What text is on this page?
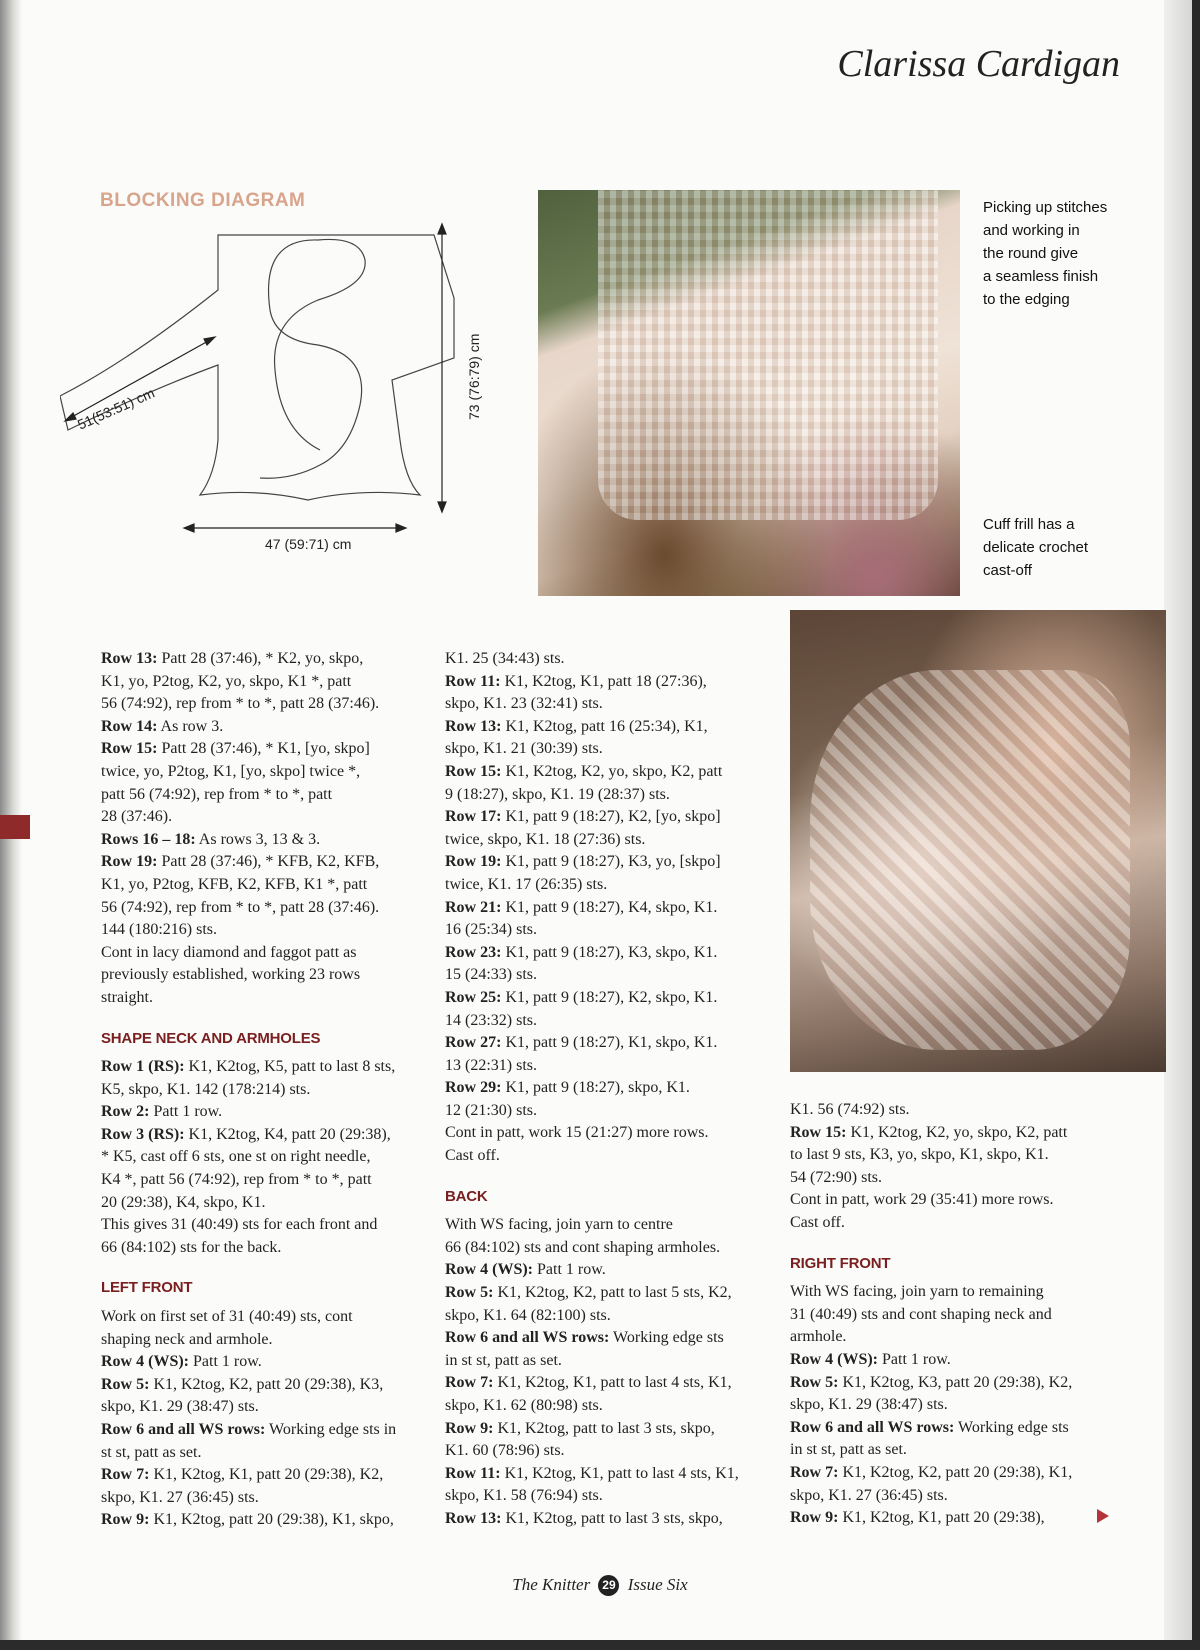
Clarissa Cardigan
BLOCKING DIAGRAM
51(53:51) cm	73 (76:79) cm
47 (59:71) cm
Picking up stitches
and working in
the round give
a seamless finish
to the edging
Cuff frill has a
delicate crochet
cast-off

Row 13: Patt 28 (37:46), * K2, yo, skpo,

K1, yo, P2tog, K2, yo, skpo, K1 *, patt

56 (74:92), rep from * to *, patt 28 (37:46).

Row 14: As row 3.

Row 15: Patt 28 (37:46), * K1, [yo, skpo]

twice, yo, P2tog, K1, [yo, skpo] twice *,

patt 56 (74:92), rep from * to *, patt

28 (37:46).

Rows 16 – 18: As rows 3, 13 & 3.

Row 19: Patt 28 (37:46), * KFB, K2, KFB,

K1, yo, P2tog, KFB, K2, KFB, K1 *, patt

56 (74:92), rep from * to *, patt 28 (37:46).

144 (180:216) sts.

Cont in lacy diamond and faggot patt as

previously established, working 23 rows

straight.

SHAPE NECK AND ARMHOLES

Row 1 (RS): K1, K2tog, K5, patt to last 8 sts,

K5, skpo, K1. 142 (178:214) sts.

Row 2: Patt 1 row.

Row 3 (RS): K1, K2tog, K4, patt 20 (29:38),

* K5, cast off 6 sts, one st on right needle,

K4 *, patt 56 (74:92), rep from * to *, patt

20 (29:38), K4, skpo, K1.

This gives 31 (40:49) sts for each front and

66 (84:102) sts for the back.

LEFT FRONT

Work on first set of 31 (40:49) sts, cont

shaping neck and armhole.

Row 4 (WS): Patt 1 row.

Row 5: K1, K2tog, K2, patt 20 (29:38), K3,

skpo, K1. 29 (38:47) sts.

Row 6 and all WS rows: Working edge sts in

st st, patt as set.

Row 7: K1, K2tog, K1, patt 20 (29:38), K2,

skpo, K1. 27 (36:45) sts.

Row 9: K1, K2tog, patt 20 (29:38), K1, skpo,

K1. 25 (34:43) sts.

Row 11: K1, K2tog, K1, patt 18 (27:36),

skpo, K1. 23 (32:41) sts.

Row 13: K1, K2tog, patt 16 (25:34), K1,

skpo, K1. 21 (30:39) sts.

Row 15: K1, K2tog, K2, yo, skpo, K2, patt

9 (18:27), skpo, K1. 19 (28:37) sts.

Row 17: K1, patt 9 (18:27), K2, [yo, skpo]

twice, skpo, K1. 18 (27:36) sts.

Row 19: K1, patt 9 (18:27), K3, yo, [skpo]

twice, K1. 17 (26:35) sts.

Row 21: K1, patt 9 (18:27), K4, skpo, K1.

16 (25:34) sts.

Row 23: K1, patt 9 (18:27), K3, skpo, K1.

15 (24:33) sts.

Row 25: K1, patt 9 (18:27), K2, skpo, K1.

14 (23:32) sts.

Row 27: K1, patt 9 (18:27), K1, skpo, K1.

13 (22:31) sts.

Row 29: K1, patt 9 (18:27), skpo, K1.

12 (21:30) sts.

Cont in patt, work 15 (21:27) more rows.

Cast off.

BACK

With WS facing, join yarn to centre

66 (84:102) sts and cont shaping armholes.

Row 4 (WS): Patt 1 row.

Row 5: K1, K2tog, K2, patt to last 5 sts, K2,

skpo, K1. 64 (82:100) sts.

Row 6 and all WS rows: Working edge sts

in st st, patt as set.

Row 7: K1, K2tog, K1, patt to last 4 sts, K1,

skpo, K1. 62 (80:98) sts.

Row 9: K1, K2tog, patt to last 3 sts, skpo,

K1. 60 (78:96) sts.

Row 11: K1, K2tog, K1, patt to last 4 sts, K1,

skpo, K1. 58 (76:94) sts.

Row 13: K1, K2tog, patt to last 3 sts, skpo,

K1. 56 (74:92) sts.

Row 15: K1, K2tog, K2, yo, skpo, K2, patt

to last 9 sts, K3, yo, skpo, K1, skpo, K1.

54 (72:90) sts.

Cont in patt, work 29 (35:41) more rows.

Cast off.

RIGHT FRONT

With WS facing, join yarn to remaining

31 (40:49) sts and cont shaping neck and

armhole.

Row 4 (WS): Patt 1 row.

Row 5: K1, K2tog, K3, patt 20 (29:38), K2,

skpo, K1. 29 (38:47) sts.

Row 6 and all WS rows: Working edge sts

in st st, patt as set.

Row 7: K1, K2tog, K2, patt 20 (29:38), K1,

skpo, K1. 27 (36:45) sts.

Row 9: K1, K2tog, K1, patt 20 (29:38),

The Knitter 29 Issue Six
